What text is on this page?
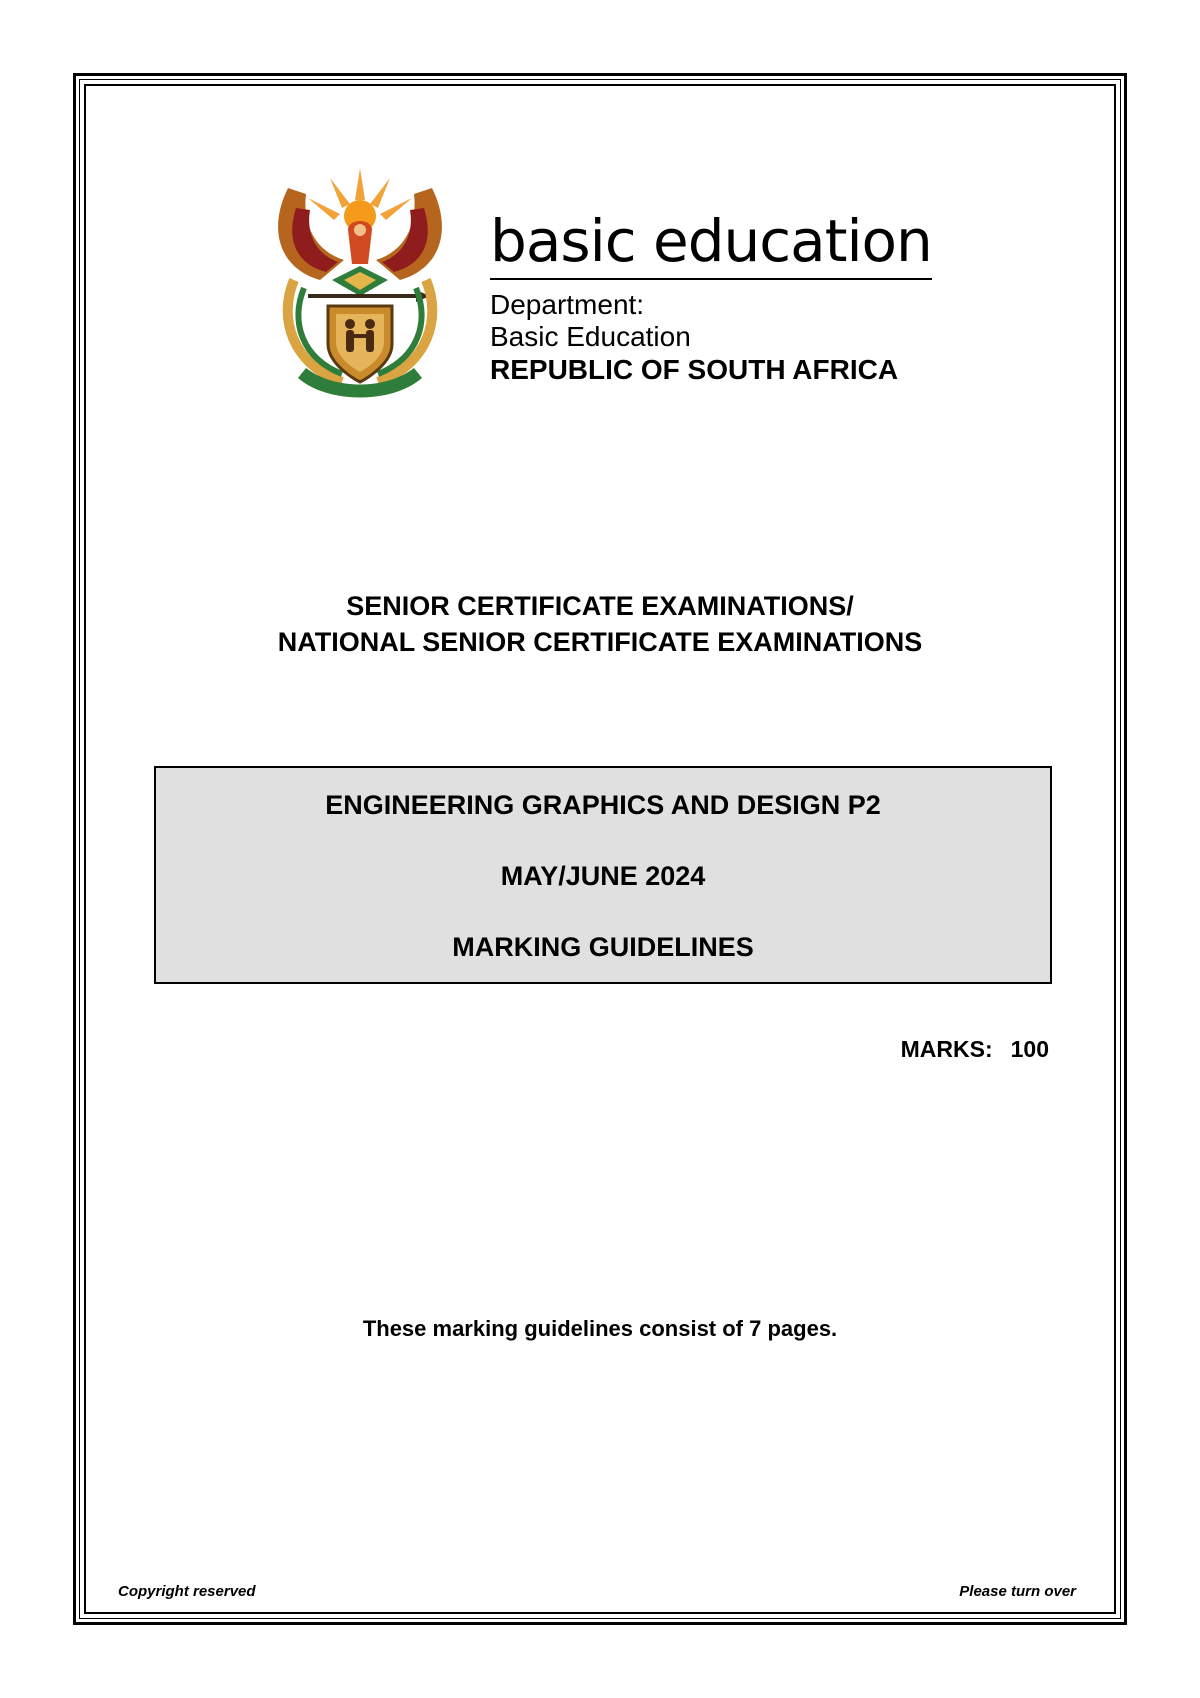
basic education
Department:
Basic Education
REPUBLIC OF SOUTH AFRICA
SENIOR CERTIFICATE EXAMINATIONS/
NATIONAL SENIOR CERTIFICATE EXAMINATIONS
ENGINEERING GRAPHICS AND DESIGN P2
MAY/JUNE 2024
MARKING GUIDELINES
MARKS: 100
These marking guidelines consist of 7 pages.
Copyright reserved	Please turn over
